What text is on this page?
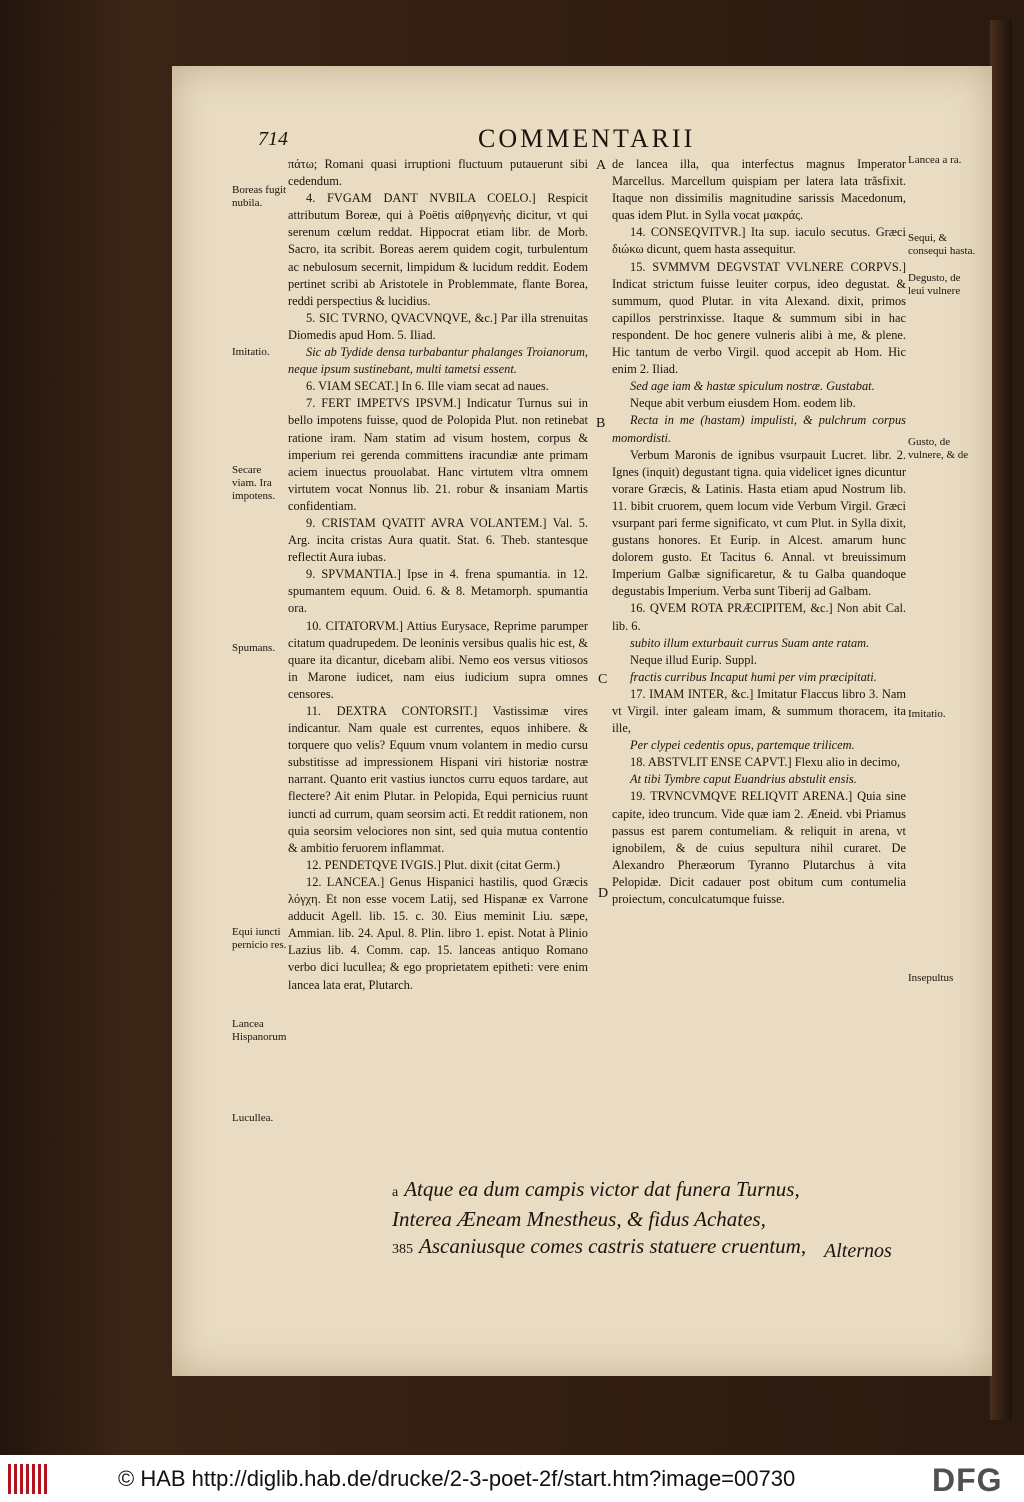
714	COMMENTARII
Boreas fugit nubila.
Imitatio.
Secare viam. Ira impotens.
Spumans.
Equi iuncti pernicio res.
Lancea Hispanorum
Lucullea.
Lancea a ra.
Sequi, & consequi hasta.
Degusto, de leui vulnere
Gusto, de vulnere, & de
Imitatio.
Insepultus
A
B
C
D

πάτω; Romani quasi irruptioni fluctuum putauerunt sibi cedendum.

4. FVGAM DANT NVBILA COELO.] Respicit attributum Boreæ, qui à Poëtis αἰθρηγενὴς dicitur, vt qui serenum cœlum reddat. Hippocrat etiam libr. de Morb. Sacro, ita scribit. Boreas aerem quidem cogit, turbulentum ac nebulosum secernit, limpidum & lucidum reddit. Eodem pertinet scribi ab Aristotele in Problemmate, flante Borea, reddi perspectius & lucidius.

5. SIC TVRNO, QVACVNQVE, &c.] Par illa strenuitas Diomedis apud Hom. 5. Iliad.

Sic ab Tydide densa turbabantur phalanges Troianorum, neque ipsum sustinebant, multi tametsi essent.

6. VIAM SECAT.] In 6. Ille viam secat ad naues.

7. FERT IMPETVS IPSVM.] Indicatur Turnus sui in bello impotens fuisse, quod de Polopida Plut. non retinebat ratione iram. Nam statim ad visum hostem, corpus & imperium rei gerenda committens iracundiæ ante primam aciem inuectus prouolabat. Hanc virtutem vltra omnem virtutem vocat Nonnus lib. 21. robur & insaniam Martis confidentiam.

9. CRISTAM QVATIT AVRA VOLANTEM.] Val. 5. Arg. incita cristas Aura quatit. Stat. 6. Theb. stantesque reflectit Aura iubas.

9. SPVMANTIA.] Ipse in 4. frena spumantia. in 12. spumantem equum. Ouid. 6. & 8. Metamorph. spumantia ora.

10. CITATORVM.] Attius Eurysace, Reprime parumper citatum quadrupedem. De leoninis versibus qualis hic est, & quare ita dicantur, dicebam alibi. Nemo eos versus vitiosos in Marone iudicet, nam eius iudicium supra omnes censores.

11. DEXTRA CONTORSIT.] Vastissimæ vires indicantur. Nam quale est currentes, equos inhibere. & torquere quo velis? Equum vnum volantem in medio cursu substitisse ad impressionem Hispani viri historiæ nostræ narrant. Quanto erit vastius iunctos curru equos tardare, aut flectere? Ait enim Plutar. in Pelopida, Equi pernicius ruunt iuncti ad currum, quam seorsim acti. Et reddit rationem, non quia seorsim velociores non sint, sed quia mutua contentio & ambitio feruorem inflammat.

12. PENDETQVE IVGIS.] Plut. dixit (citat Germ.)

12. LANCEA.] Genus Hispanici hastilis, quod Græcis λόγχη. Et non esse vocem Latij, sed Hispanæ ex Varrone adducit Agell. lib. 15. c. 30. Eius meminit Liu. sæpe, Ammian. lib. 24. Apul. 8. Plin. libro 1. epist. Notat à Plinio Lazius lib. 4. Comm. cap. 15. lanceas antiquo Romano verbo dici lucullea; & ego proprietatem epitheti: vere enim lancea lata erat, Plutarch.

de lancea illa, qua interfectus magnus Imperator Marcellus. Marcellum quispiam per latera lata trãsfixit. Itaque non dissimilis magnitudine sarissis Macedonum, quas idem Plut. in Sylla vocat μακράς.

14. CONSEQVITVR.] Ita sup. iaculo secutus. Græci διώκω dicunt, quem hasta assequitur.

15. SVMMVM DEGVSTAT VVLNERE CORPVS.] Indicat strictum fuisse leuiter corpus, ideo degustat. & summum, quod Plutar. in vita Alexand. dixit, primos capillos perstrinxisse. Itaque & summum sibi in hac respondent. De hoc genere vulneris alibi à me, & plene. Hic tantum de verbo Virgil. quod accepit ab Hom. Hic enim 2. Iliad.

Sed age iam & hastæ spiculum nostræ. Gustabat.

Neque abit verbum eiusdem Hom. eodem lib.

Recta in me (hastam) impulisti, & pulchrum corpus momordisti.

Verbum Maronis de ignibus vsurpauit Lucret. libr. 2. Ignes (inquit) degustant tigna. quia videlicet ignes dicuntur vorare Græcis, & Latinis. Hasta etiam apud Nostrum lib. 11. bibit cruorem, quem locum vide Verbum Virgil. Græci vsurpant pari ferme significato, vt cum Plut. in Sylla dixit, gustans honores. Et Eurip. in Alcest. amarum hunc dolorem gusto. Et Tacitus 6. Annal. vt breuissimum Imperium Galbæ significaretur, & tu Galba quandoque degustabis Imperium. Verba sunt Tiberij ad Galbam.

16. QVEM ROTA PRÆCIPITEM, &c.] Non abit Cal. lib. 6.

subito illum exturbauit currus Suam ante ratam.

Neque illud Eurip. Suppl.

fractis curribus Incaput humi per vim præcipitati.

17. IMAM INTER, &c.] Imitatur Flaccus libro 3. Nam vt Virgil. inter galeam imam, & summum thoracem, ita ille,

Per clypei cedentis opus, partemque trilicem.

18. ABSTVLIT ENSE CAPVT.] Flexu alio in decimo,

At tibi Tymbre caput Euandrius abstulit ensis.

19. TRVNCVMQVE RELIQVIT ARENA.] Quia sine capite, ideo truncum. Vide quæ iam 2. Æneid. vbi Priamus passus est parem contumeliam. & reliquit in arena, vt ignobilem, & de cuius sepultura nihil curaret. De Alexandro Pheræorum Tyranno Plutarchus à vita Pelopidæ. Dicit cadauer post obitum cum contumelia proiectum, conculcatumque fuisse.

a Atque ea dum campis victor dat funera Turnus,
Interea Æneam Mnestheus, & fidus Achates,
385 Ascaniusque comes castris statuere cruentum, Alternos
© HAB http://diglib.hab.de/drucke/2-3-poet-2f/start.htm?image=00730	DFG
